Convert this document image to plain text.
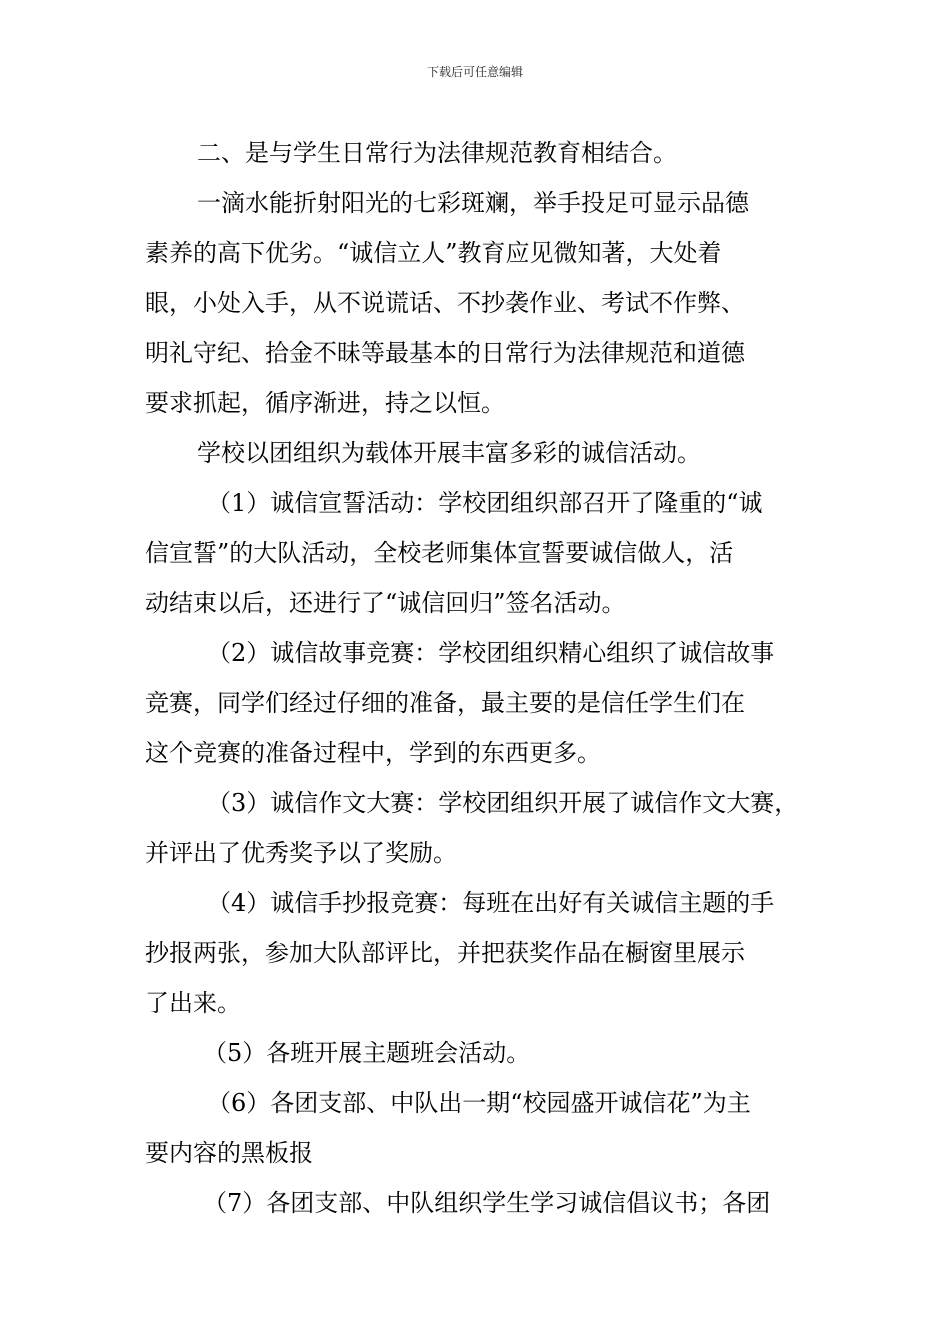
下载后可任意编辑
二、是与学生日常行为法律规范教育相结合。
一滴水能折射阳光的七彩斑斓，举手投足可显示品德
素养的高下优劣。“诚信立人”教育应见微知著，大处着
眼，小处入手，从不说谎话、不抄袭作业、考试不作弊、
明礼守纪、拾金不昧等最基本的日常行为法律规范和道德
要求抓起，循序渐进，持之以恒。
学校以团组织为载体开展丰富多彩的诚信活动。
（1）诚信宣誓活动：学校团组织部召开了隆重的“诚
信宣誓”的大队活动，全校老师集体宣誓要诚信做人，活
动结束以后，还进行了“诚信回归”签名活动。
（2）诚信故事竞赛：学校团组织精心组织了诚信故事
竞赛，同学们经过仔细的准备，最主要的是信任学生们在
这个竞赛的准备过程中，学到的东西更多。
（3）诚信作文大赛：学校团组织开展了诚信作文大赛，
并评出了优秀奖予以了奖励。
（4）诚信手抄报竞赛：每班在出好有关诚信主题的手
抄报两张，参加大队部评比，并把获奖作品在橱窗里展示
了出来。
（5）各班开展主题班会活动。
（6）各团支部、中队出一期“校园盛开诚信花”为主
要内容的黑板报
（7）各团支部、中队组织学生学习诚信倡议书；各团
